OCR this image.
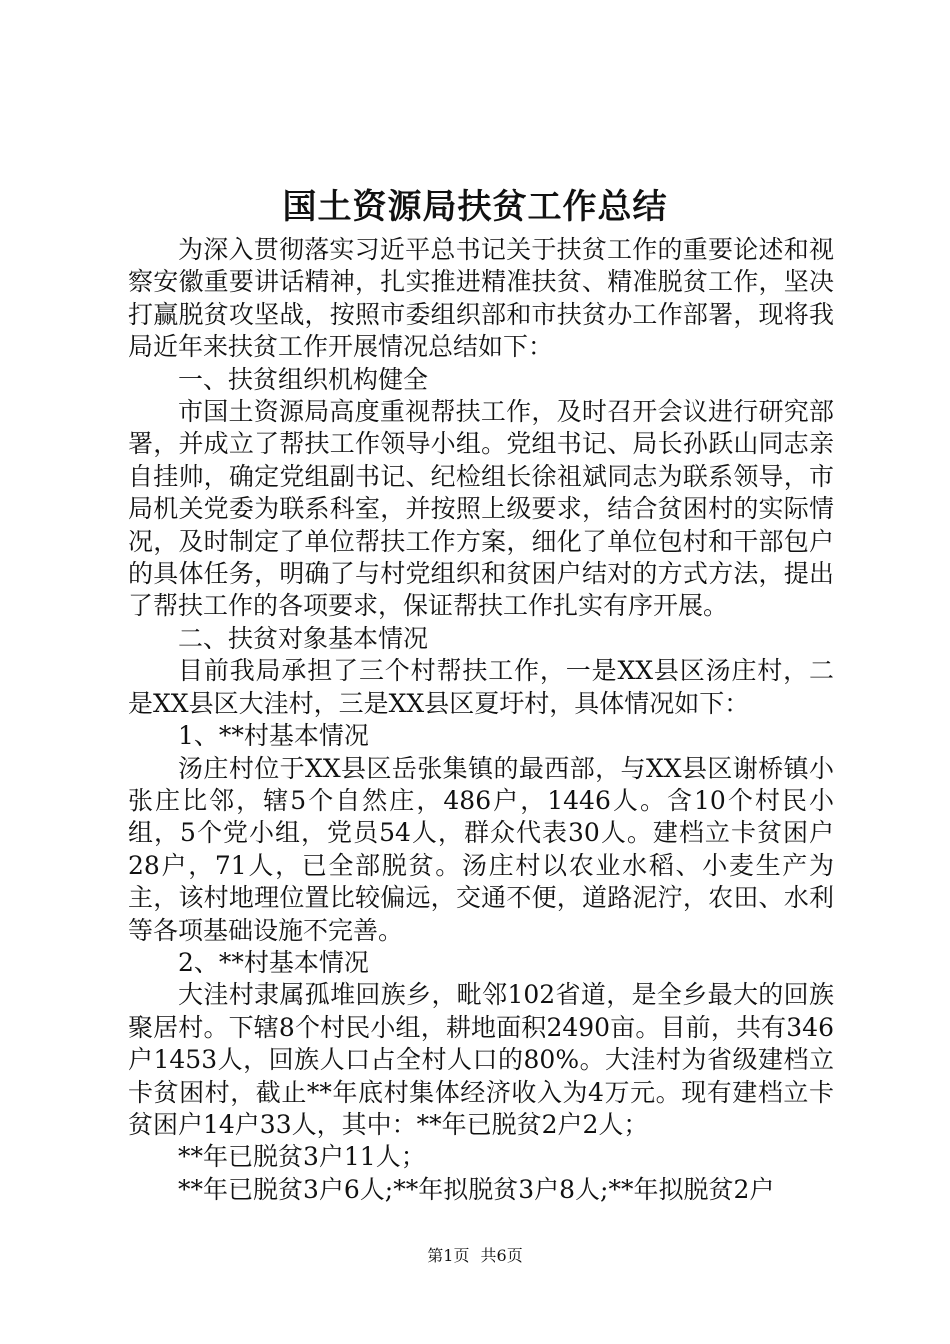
国土资源局扶贫工作总结

为深入贯彻落实习近平总书记关于扶贫工作的重要论述和视察安徽重要讲话精神，扎实推进精准扶贫、精准脱贫工作，坚决打赢脱贫攻坚战，按照市委组织部和市扶贫办工作部署，现将我局近年来扶贫工作开展情况总结如下：

一、扶贫组织机构健全

市国土资源局高度重视帮扶工作，及时召开会议进行研究部署，并成立了帮扶工作领导小组。党组书记、局长孙跃山同志亲自挂帅，确定党组副书记、纪检组长徐祖斌同志为联系领导，市局机关党委为联系科室，并按照上级要求，结合贫困村的实际情况，及时制定了单位帮扶工作方案，细化了单位包村和干部包户的具体任务，明确了与村党组织和贫困户结对的方式方法，提出了帮扶工作的各项要求，保证帮扶工作扎实有序开展。

二、扶贫对象基本情况

目前我局承担了三个村帮扶工作，一是XX县区汤庄村，二是XX县区大洼村，三是XX县区夏圩村，具体情况如下：

1、**村基本情况

汤庄村位于XX县区岳张集镇的最西部，与XX县区谢桥镇小张庄比邻，辖5个自然庄，486户，1446人。含10个村民小组，5个党小组，党员54人，群众代表30人。建档立卡贫困户28户，71人，已全部脱贫。汤庄村以农业水稻、小麦生产为主，该村地理位置比较偏远，交通不便，道路泥泞，农田、水利等各项基础设施不完善。

2、**村基本情况

大洼村隶属孤堆回族乡，毗邻102省道，是全乡最大的回族聚居村。下辖8个村民小组，耕地面积2490亩。目前，共有346户1453人，回族人口占全村人口的80%。大洼村为省级建档立卡贫困村，截止**年底村集体经济收入为4万元。现有建档立卡贫困户14户33人，其中：**年已脱贫2户2人；

**年已脱贫3户11人；

**年已脱贫3户6人;**年拟脱贫3户8人;**年拟脱贫2户

第1页 共6页
